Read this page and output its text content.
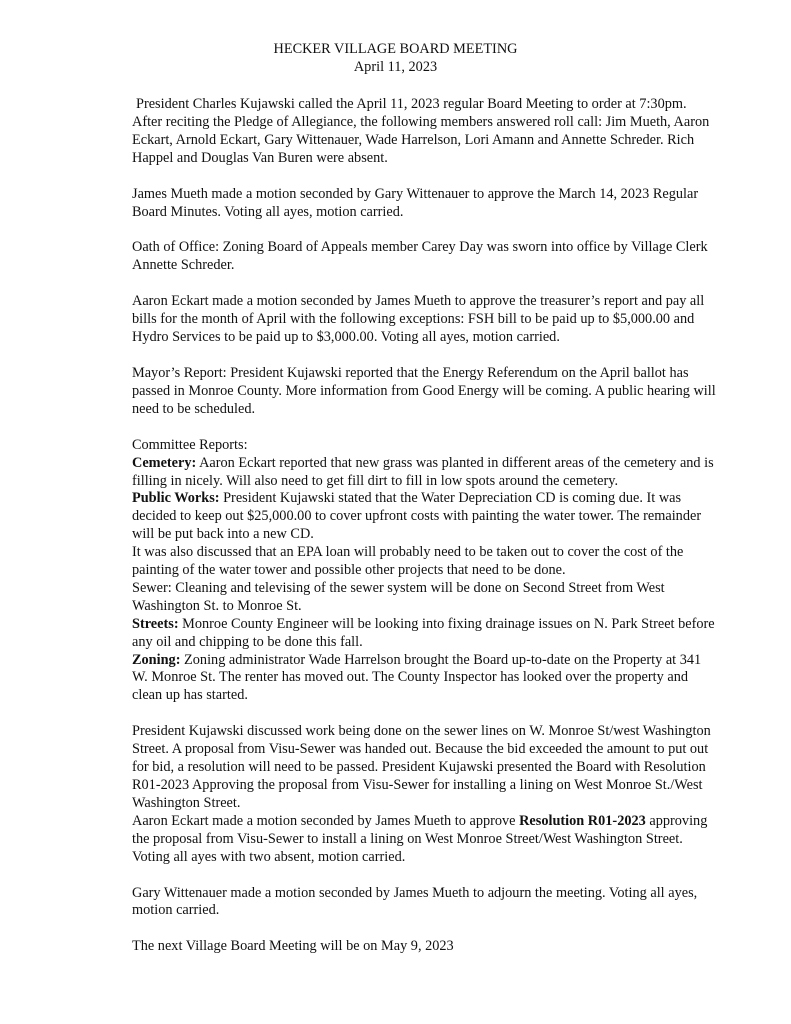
HECKER VILLAGE BOARD MEETING
April 11, 2023

President Charles Kujawski called the April 11, 2023 regular Board Meeting to order at 7:30pm. After reciting the Pledge of Allegiance, the following members answered roll call: Jim Mueth, Aaron Eckart, Arnold Eckart, Gary Wittenauer, Wade Harrelson, Lori Amann and Annette Schreder. Rich Happel and Douglas Van Buren were absent.

James Mueth made a motion seconded by Gary Wittenauer to approve the March 14, 2023 Regular Board Minutes. Voting all ayes, motion carried.

Oath of Office: Zoning Board of Appeals member Carey Day was sworn into office by Village Clerk Annette Schreder.

Aaron Eckart made a motion seconded by James Mueth to approve the treasurer’s report and pay all bills for the month of April with the following exceptions: FSH bill to be paid up to $5,000.00 and Hydro Services to be paid up to $3,000.00. Voting all ayes, motion carried.

Mayor’s Report: President Kujawski reported that the Energy Referendum on the April ballot has passed in Monroe County. More information from Good Energy will be coming. A public hearing will need to be scheduled.

Committee Reports:

Cemetery: Aaron Eckart reported that new grass was planted in different areas of the cemetery and is filling in nicely. Will also need to get fill dirt to fill in low spots around the cemetery.

Public Works: President Kujawski stated that the Water Depreciation CD is coming due. It was decided to keep out $25,000.00 to cover upfront costs with painting the water tower. The remainder will be put back into a new CD.

It was also discussed that an EPA loan will probably need to be taken out to cover the cost of the painting of the water tower and possible other projects that need to be done.

Sewer: Cleaning and televising of the sewer system will be done on Second Street from West Washington St. to Monroe St.

Streets: Monroe County Engineer will be looking into fixing drainage issues on N. Park Street before any oil and chipping to be done this fall.

Zoning: Zoning administrator Wade Harrelson brought the Board up-to-date on the Property at 341 W. Monroe St. The renter has moved out. The County Inspector has looked over the property and clean up has started.

President Kujawski discussed work being done on the sewer lines on W. Monroe St/west Washington Street. A proposal from Visu-Sewer was handed out. Because the bid exceeded the amount to put out for bid, a resolution will need to be passed. President Kujawski presented the Board with Resolution R01-2023 Approving the proposal from Visu-Sewer for installing a lining on West Monroe St./West Washington Street.

Aaron Eckart made a motion seconded by James Mueth to approve Resolution R01-2023 approving the proposal from Visu-Sewer to install a lining on West Monroe Street/West Washington Street. Voting all ayes with two absent, motion carried.

Gary Wittenauer made a motion seconded by James Mueth to adjourn the meeting. Voting all ayes, motion carried.

The next Village Board Meeting will be on May 9, 2023
